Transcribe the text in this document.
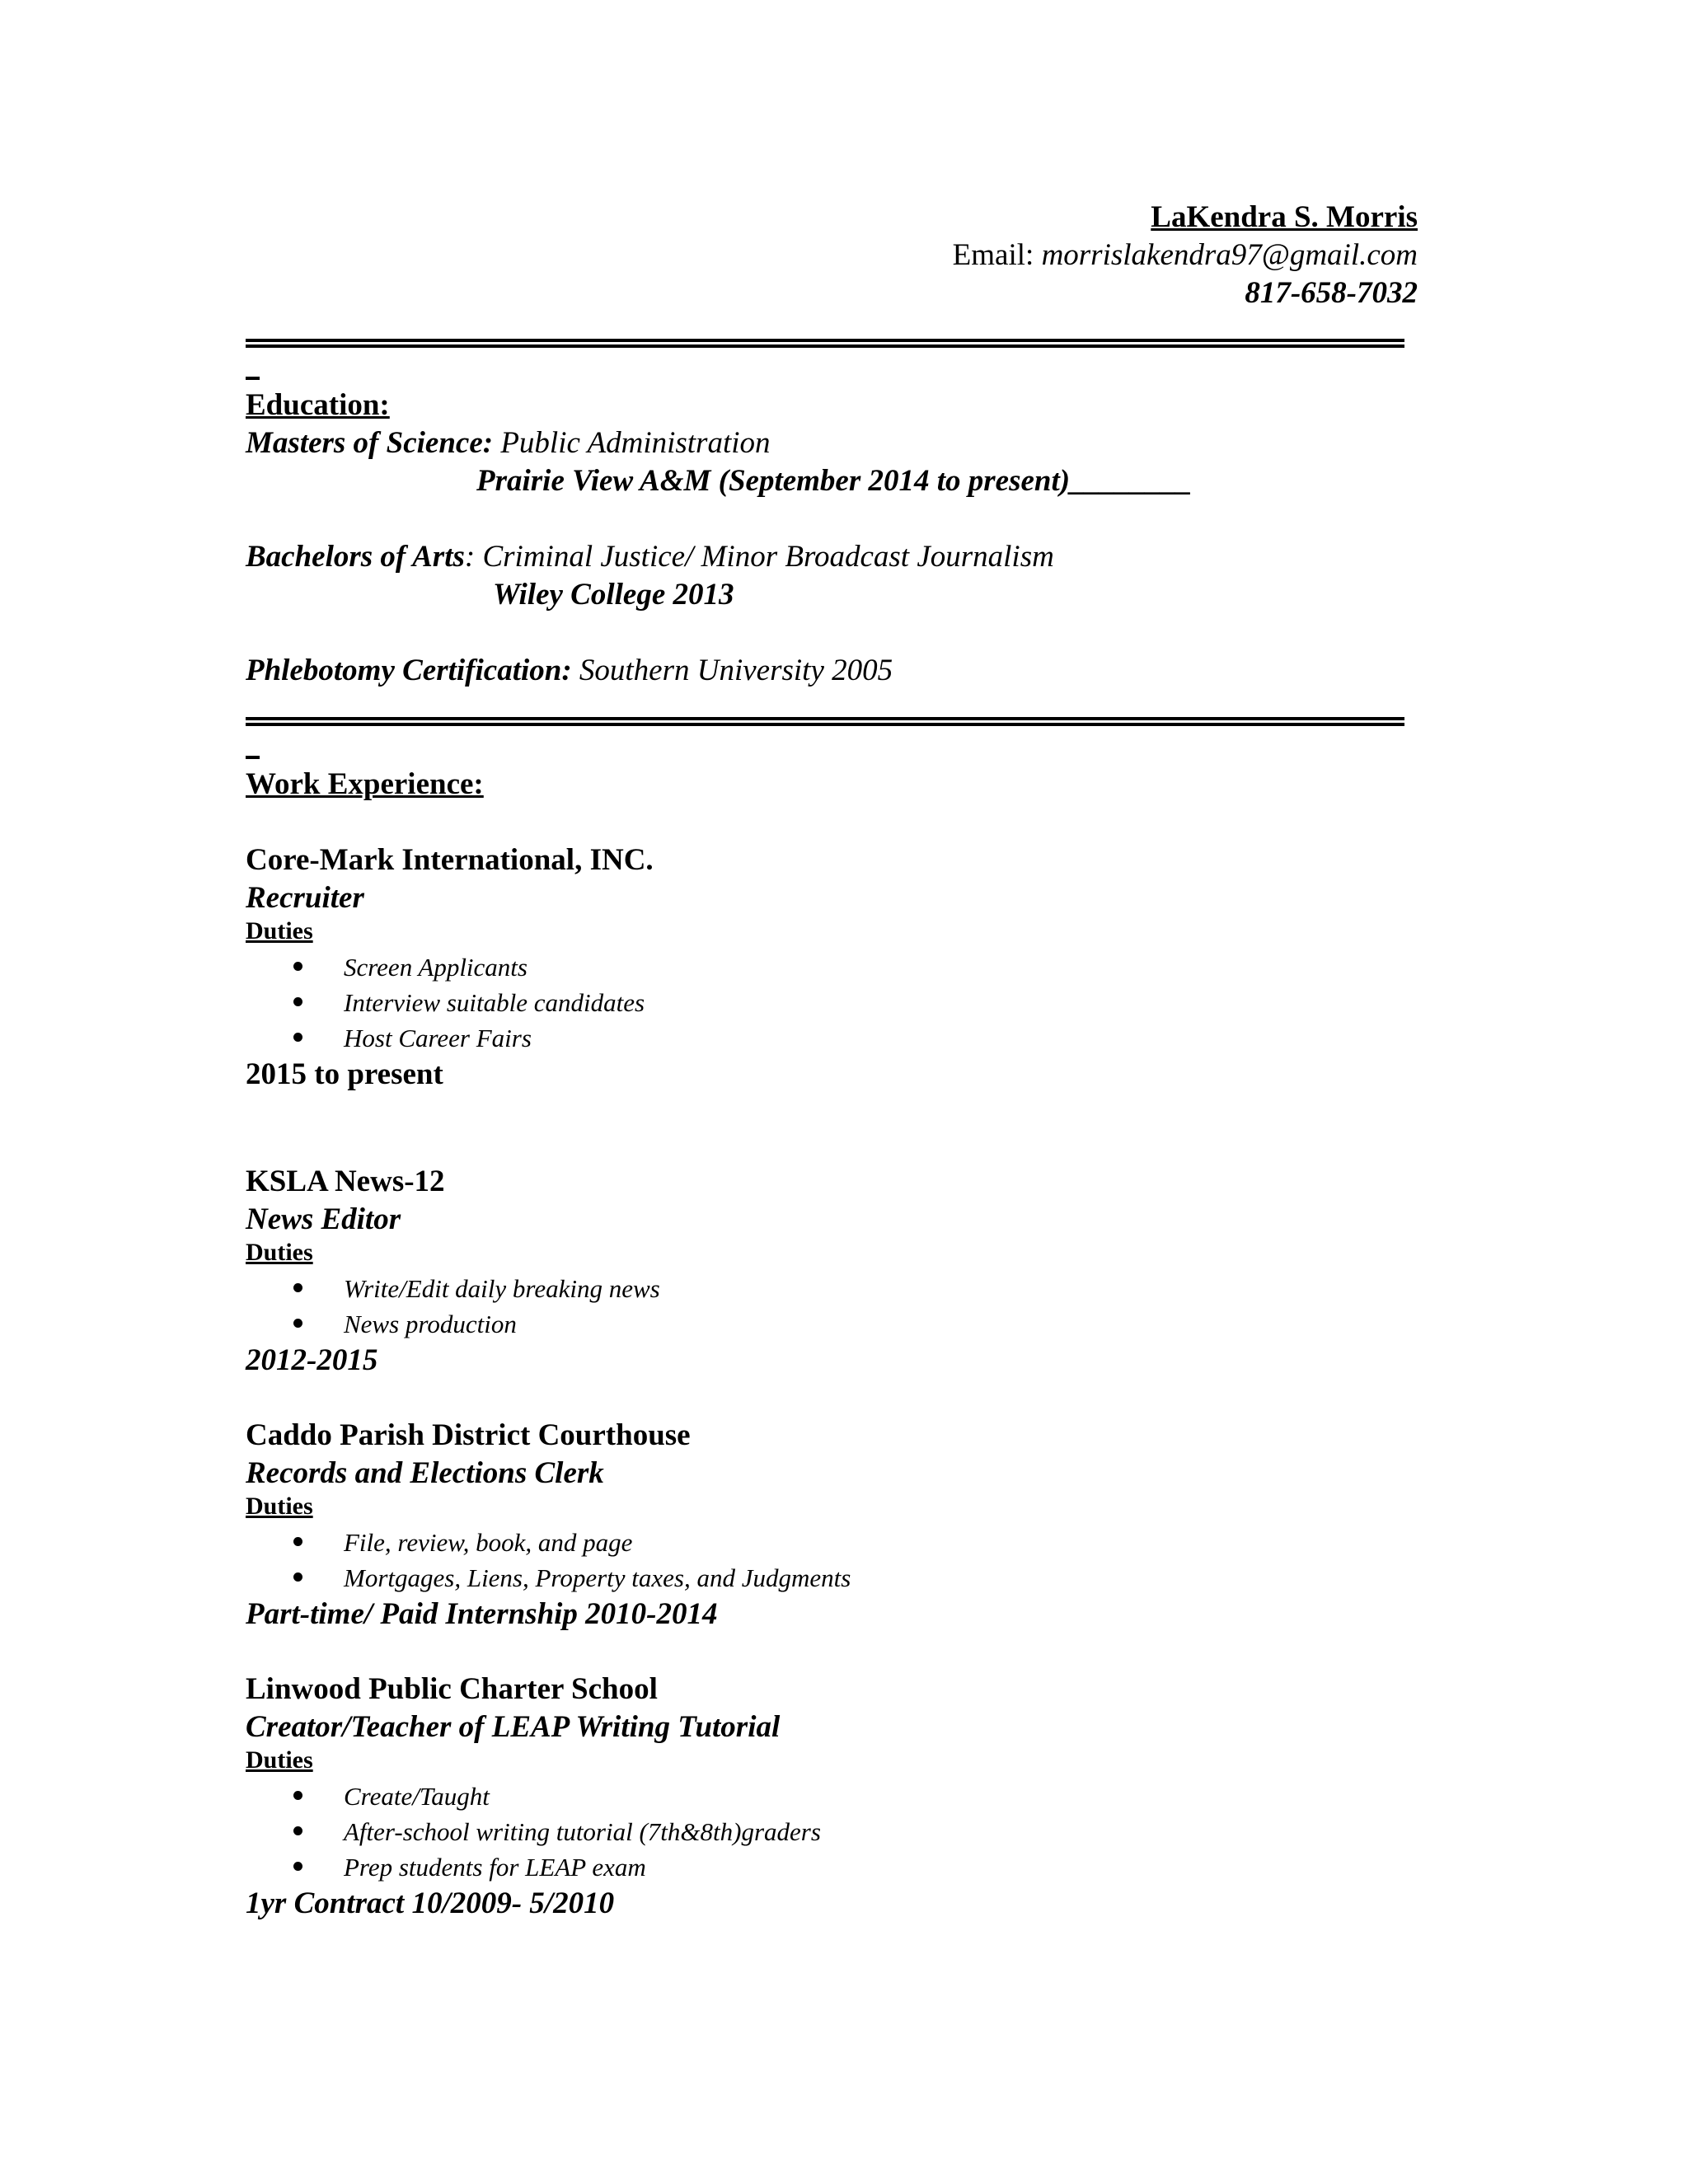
LaKendra S. Morris
Email: morrislakendra97@gmail.com
817-658-7032
Education:
Masters of Science: Public Administration
Prairie View A&M (September 2014 to present)________
Bachelors of Arts: Criminal Justice/ Minor Broadcast Journalism
Wiley College 2013
Phlebotomy Certification: Southern University 2005
Work Experience:
Core-Mark International, INC.
Recruiter
Duties
Screen Applicants
Interview suitable candidates
Host Career Fairs
2015 to present
KSLA News-12
News Editor
Duties
Write/Edit daily breaking news
News production
2012-2015
Caddo Parish District Courthouse
Records and Elections Clerk
Duties
File, review, book, and page
Mortgages, Liens, Property taxes, and Judgments
Part-time/ Paid Internship 2010-2014
Linwood Public Charter School
Creator/Teacher of LEAP Writing Tutorial
Duties
Create/Taught
After-school writing tutorial (7th&8th)graders
Prep students for LEAP exam
1yr Contract 10/2009- 5/2010
